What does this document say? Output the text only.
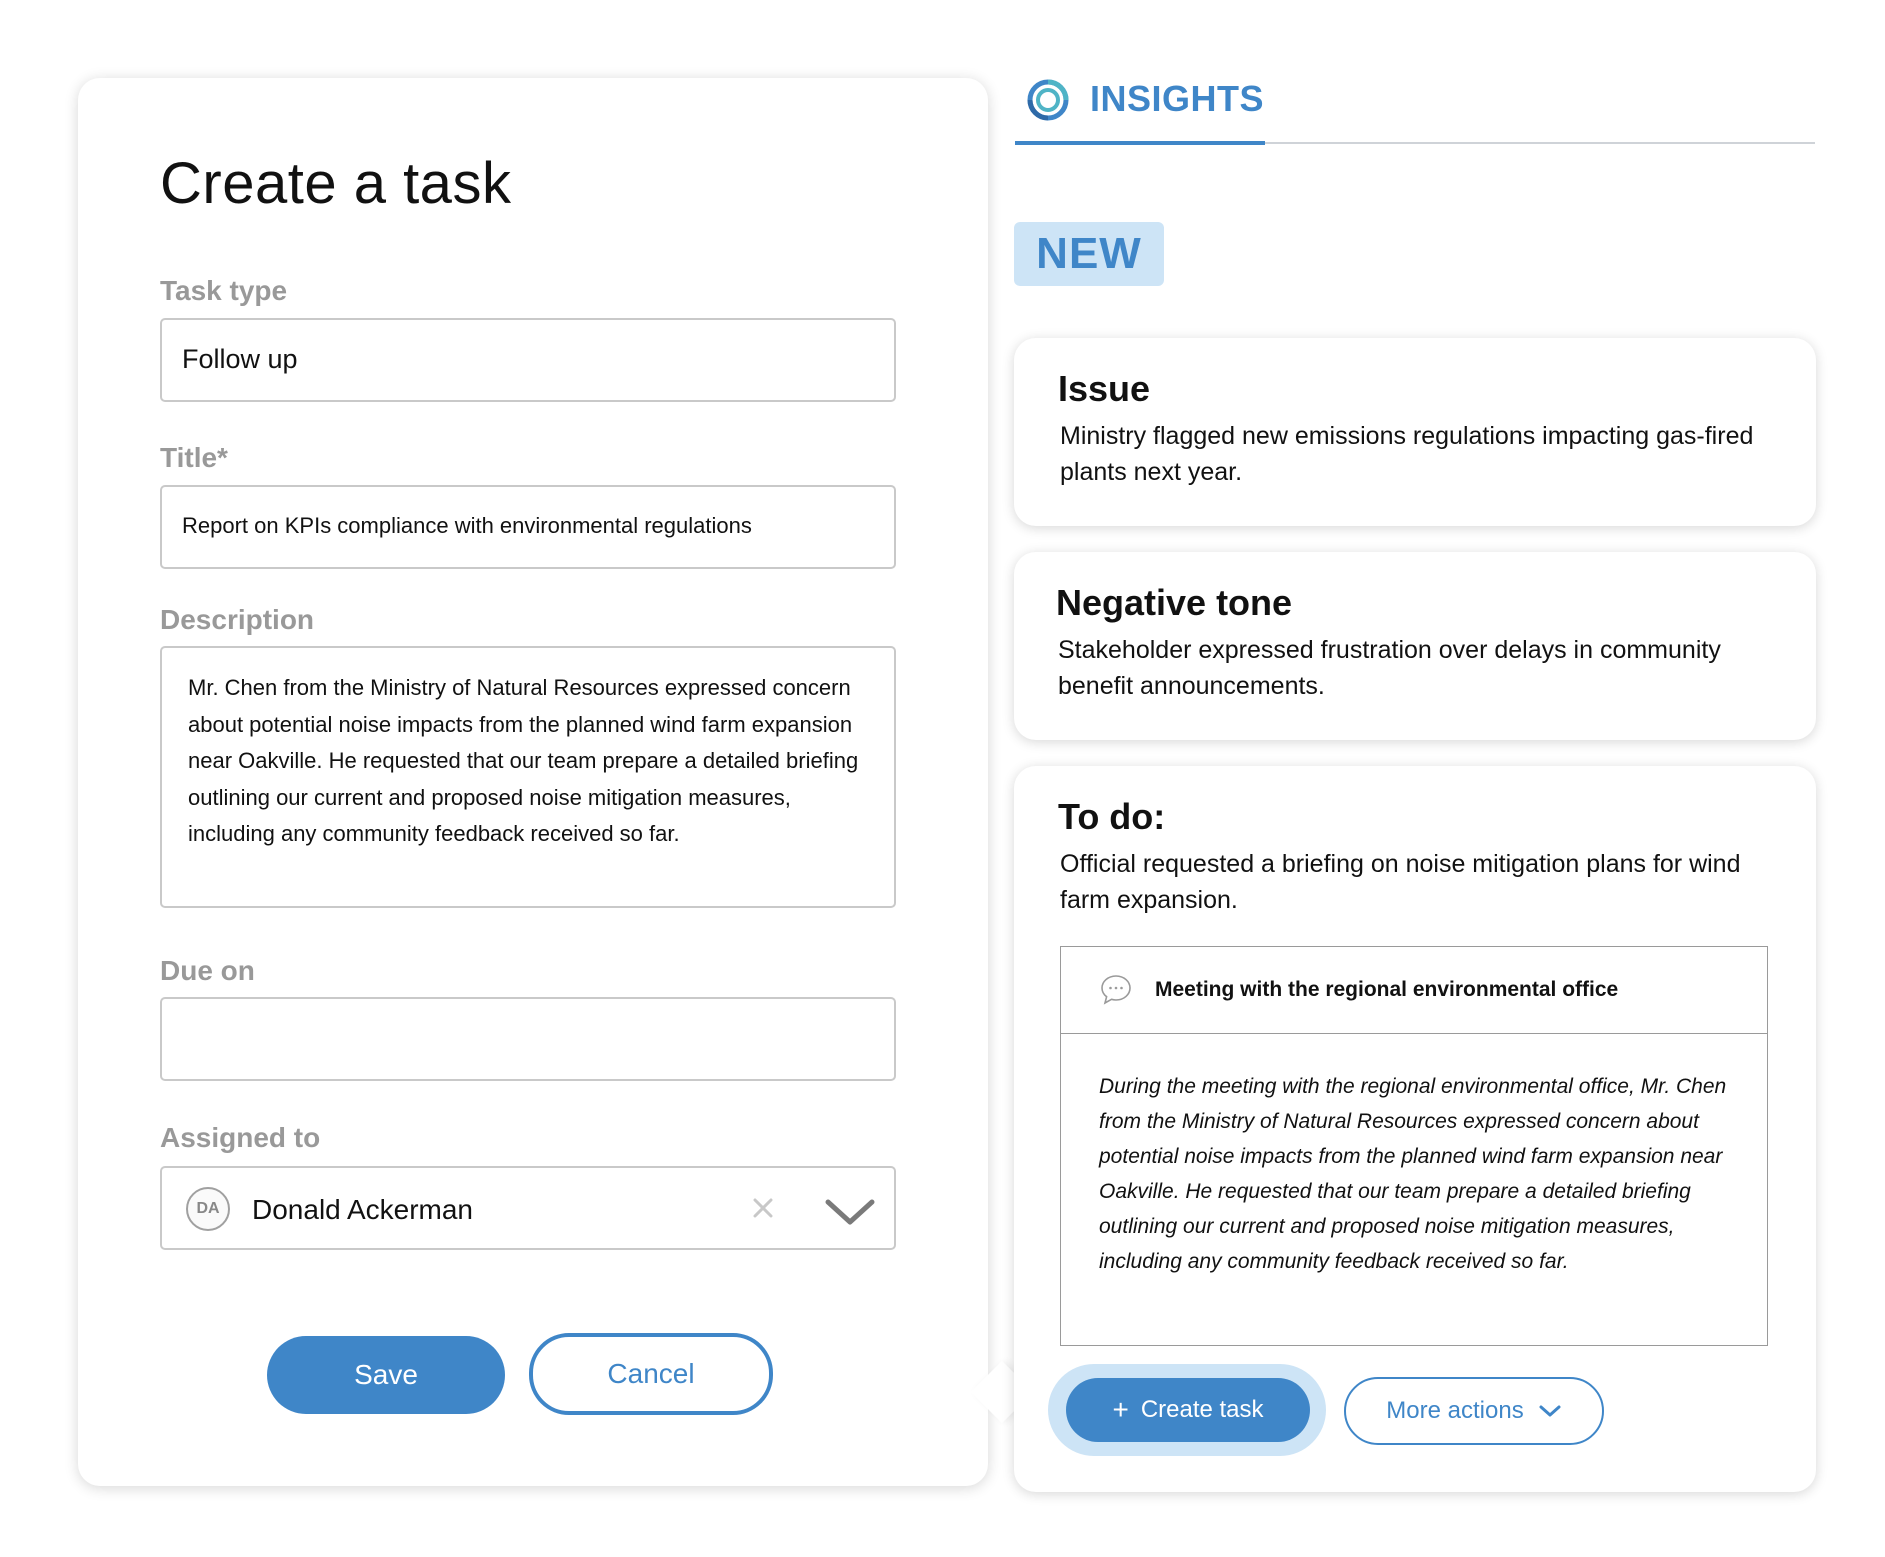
Create a task
Task type
Follow up
Title*
Report on KPIs compliance with environmental regulations
Description
Mr. Chen from the Ministry of Natural Resources expressed concern about potential noise impacts from the planned wind farm expansion near Oakville. He requested that our team prepare a detailed briefing outlining our current and proposed noise mitigation measures, including any community feedback received so far.
Due on
Assigned to
DA	Donald Ackerman
Save	Cancel
INSIGHTS
NEW
Issue
Ministry flagged new emissions regulations impacting gas-fired plants next year.
Negative tone
Stakeholder expressed frustration over delays in community benefit announcements.
To do:
Official requested a briefing on noise mitigation plans for wind farm expansion.
Meeting with the regional environmental office
During the meeting with the regional environmental office, Mr. Chen from the Ministry of Natural Resources expressed concern about potential noise impacts from the planned wind farm expansion near Oakville. He requested that our team prepare a detailed briefing outlining our current and proposed noise mitigation measures, including any community feedback received so far.
+ Create task	More actions
